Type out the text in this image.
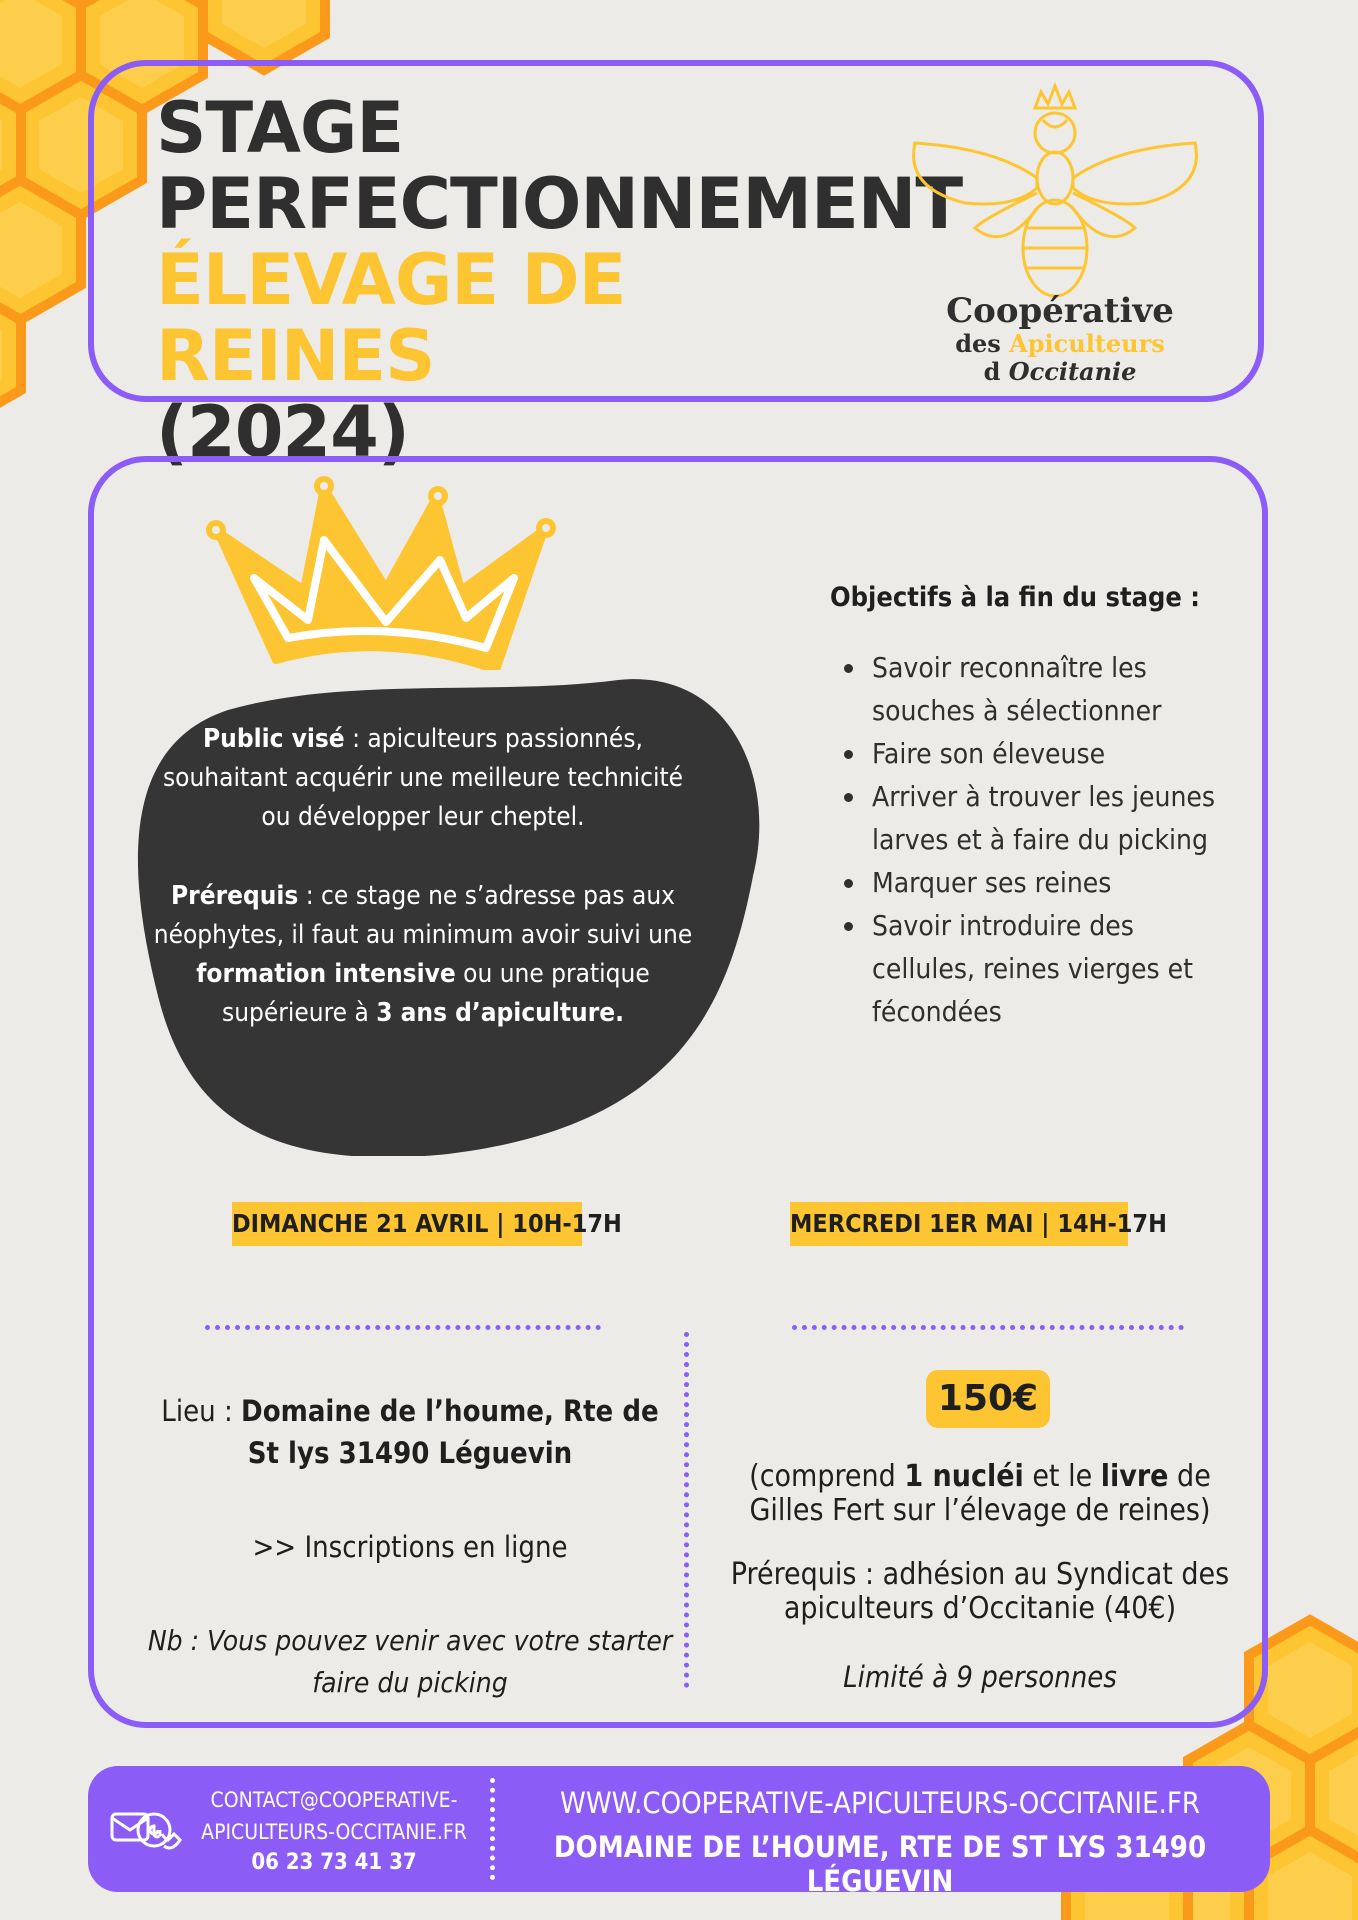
STAGE
PERFECTIONNEMENT
ÉLEVAGE DE REINES
(2024)
Coopérative
des Apiculteurs
d Occitanie

Public visé : apiculteurs passionnés, souhaitant acquérir une meilleure technicité ou développer leur cheptel.

Prérequis : ce stage ne s’adresse pas aux néophytes, il faut au minimum avoir suivi une formation intensive ou une pratique supérieure à 3 ans d’apiculture.

Objectifs à la fin du stage :
• Savoir reconnaître les souches à sélectionner
• Faire son éleveuse
• Arriver à trouver les jeunes larves et à faire du picking
• Marquer ses reines
• Savoir introduire des cellules, reines vierges et fécondées
DIMANCHE 21 AVRIL | 10H-17H	MERCREDI 1ER MAI | 14H-17H
Lieu : Domaine de l’houme, Rte de St lys 31490 Léguevin
>> Inscriptions en ligne
Nb : Vous pouvez venir avec votre starter faire du picking
150€
(comprend 1 nucléi et le livre de Gilles Fert sur l’élevage de reines)
Prérequis : adhésion au Syndicat des apiculteurs d’Occitanie (40€)
Limité à 9 personnes
CONTACT@COOPERATIVE-APICULTEURS-OCCITANIE.FR
06 23 73 41 37
WWW.COOPERATIVE-APICULTEURS-OCCITANIE.FR
DOMAINE DE L’HOUME, RTE DE ST LYS 31490 LÉGUEVIN
